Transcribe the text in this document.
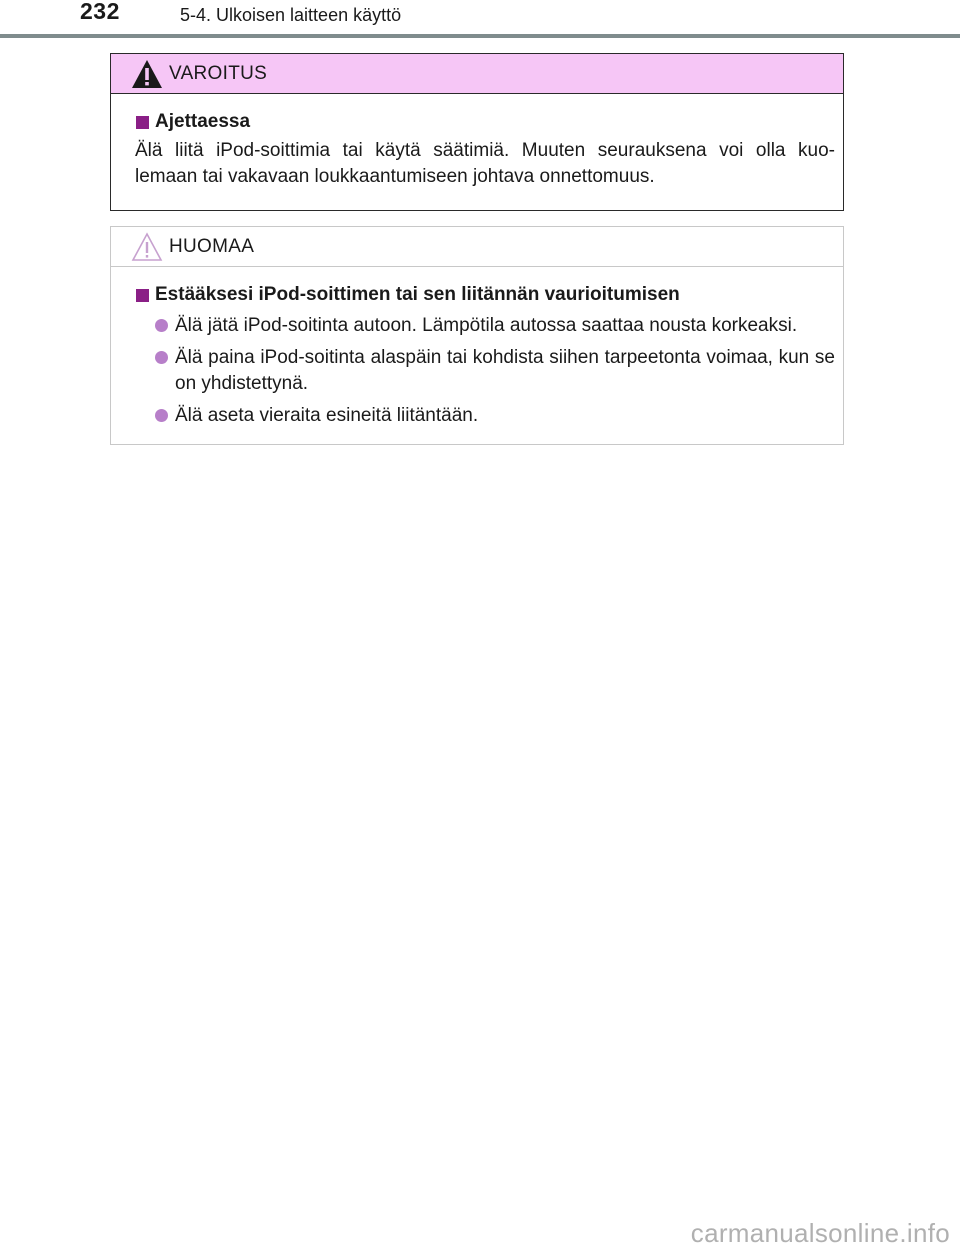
232	5-4. Ulkoisen laitteen käyttö
VAROITUS
Ajettaessa
Älä liitä iPod-soittimia tai käytä säätimiä. Muuten seurauksena voi olla kuo-
lemaan tai vakavaan loukkaantumiseen johtava onnettomuus.
HUOMAA
Estääksesi iPod-soittimen tai sen liitännän vaurioitumisen
Älä jätä iPod-soitinta autoon. Lämpötila autossa saattaa nousta korkeaksi.
Älä paina iPod-soitinta alaspäin tai kohdista siihen tarpeetonta voimaa, kun se on yhdistettynä.
Älä aseta vieraita esineitä liitäntään.
carmanualsonline.info
